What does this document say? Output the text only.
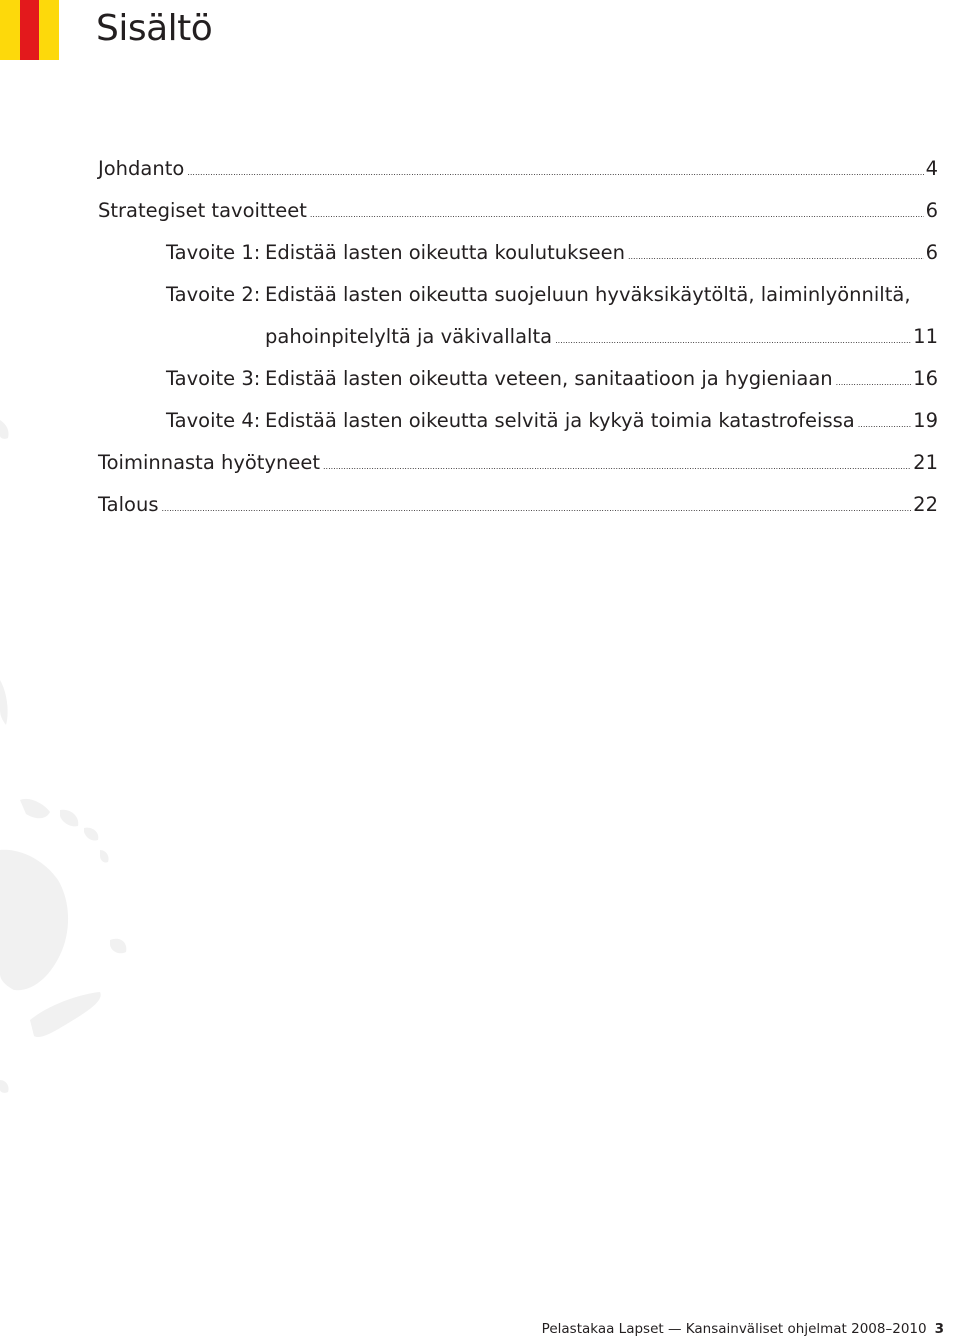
Sisältö
Johdanto .....	4
Strategiset tavoitteet .....	6
Tavoite 1: Edistää lasten oikeutta koulutukseen .....	6
Tavoite 2: Edistää lasten oikeutta suojeluun hyväksikäytöltä, laiminlyönniltä,
pahoinpitelyltä ja väkivallalta .....	11
Tavoite 3: Edistää lasten oikeutta veteen, sanitaatioon ja hygieniaan .....	16
Tavoite 4: Edistää lasten oikeutta selvitä ja kykyä toimia katastrofeissa .....	19
Toiminnasta hyötyneet .....	21
Talous .....	22
Pelastakaa Lapset — Kansainväliset ohjelmat 2008–2010 3
